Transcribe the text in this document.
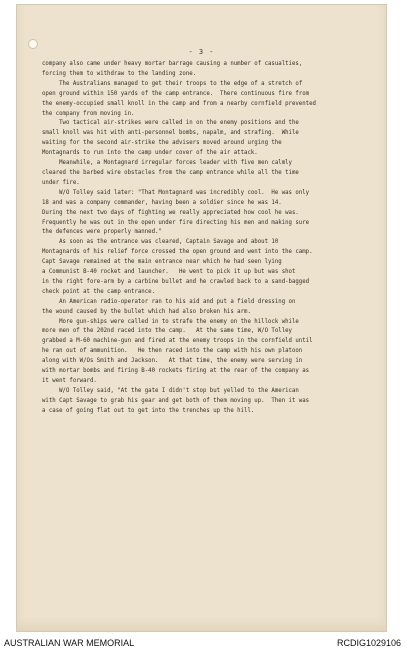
- 3 -

company also came under heavy mortar barrage causing a number of casualties,

forcing them to withdraw to the landing zone.

The Australians managed to get their troops to the edge of a stretch of

open ground within 150 yards of the camp entrance.  There continuous fire from

the enemy-occupied small knoll in the camp and from a nearby cornfield prevented

the company from moving in.

Two tactical air-strikes were called in on the enemy positions and the

small knoll was hit with anti-personnel bombs, napalm, and strafing.  While

waiting for the second air-strike the advisers moved around urging the

Montagnards to run into the camp under cover of the air attack.

Meanwhile, a Montagnard irregular forces leader with five men calmly

cleared the barbed wire obstacles from the camp entrance while all the time

under fire.

W/O Tolley said later: "That Montagnard was incredibly cool.  He was only

18 and was a company commander, having been a soldier since he was 14.

During the next two days of fighting we really appreciated how cool he was.

Frequently he was out in the open under fire directing his men and making sure

the defences were properly manned."

As soon as the entrance was cleared, Captain Savage and about 10

Montagnards of his relief force crossed the open ground and went into the camp.

Capt Savage remained at the main entrance near which he had seen lying

a Communist B-40 rocket and launcher.   He went to pick it up but was shot

in the right fore-arm by a carbine bullet and he crawled back to a sand-bagged

check point at the camp entrance.

An American radio-operator ran to his aid and put a field dressing on

the wound caused by the bullet which had also broken his arm.

More gun-ships were called in to strafe the enemy on the hillock while

more men of the 202nd raced into the camp.   At the same time, W/O Tolley

grabbed a M-60 machine-gun and fired at the enemy troops in the cornfield until

he ran out of ammunition.   He then raced into the camp with his own platoon

along with W/Os Smith and Jackson.   At that time, the enemy were serving in

with mortar bombs and firing B-40 rockets firing at the rear of the company as

it went forward.

W/O Tolley said, "At the gate I didn't stop but yelled to the American

with Capt Savage to grab his gear and get both of them moving up.  Then it was

a case of going flat out to get into the trenches up the hill.

AUSTRALIAN WAR MEMORIAL	RCDIG1029106
